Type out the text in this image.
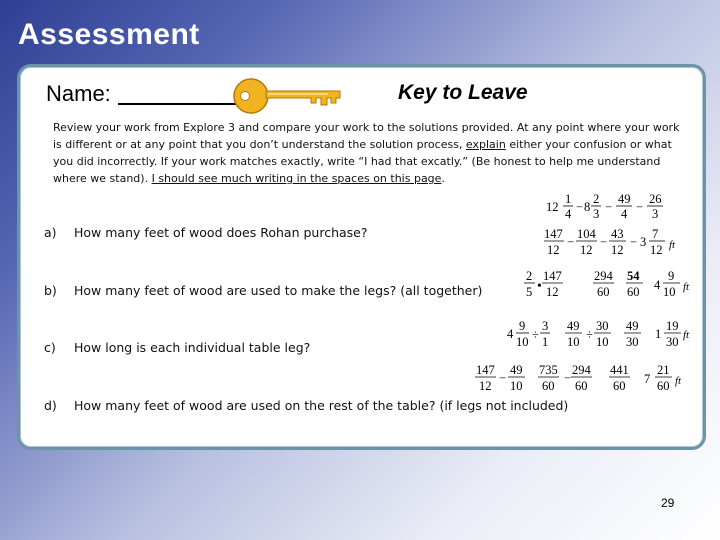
Assessment
Name:	Key to Leave

Review your work from Explore 3 and compare your work to the solutions provided. At any point where your work is different or at any point that you don’t understand the solution process, explain either your confusion or what you did incorrectly. If your work matches exactly, write “I had that excatly.” (Be honest to help me understand where we stand). I should see much writing in the spaces on this page.

a) How many feet of wood does Rohan purchase?
b) How many feet of wood are used to make the legs? (all together)
c) How long is each individual table leg?
d) How many feet of wood are used on the rest of the table? (if legs not included)
12
1
4 − 8
2
3 −
49
4 −
26
3
147
12
−
104
12
−
43
12
− 3
7
12 ft
2
5 •
147
12
294
60
54
60 4
9
10 ft
4
9
10 ÷
3
1
49
10 ÷
30
10
49
30
1
19
30 ft
147
12
−
49
10
735
60
−
294
60
441
60 7
21
60 ft
29
